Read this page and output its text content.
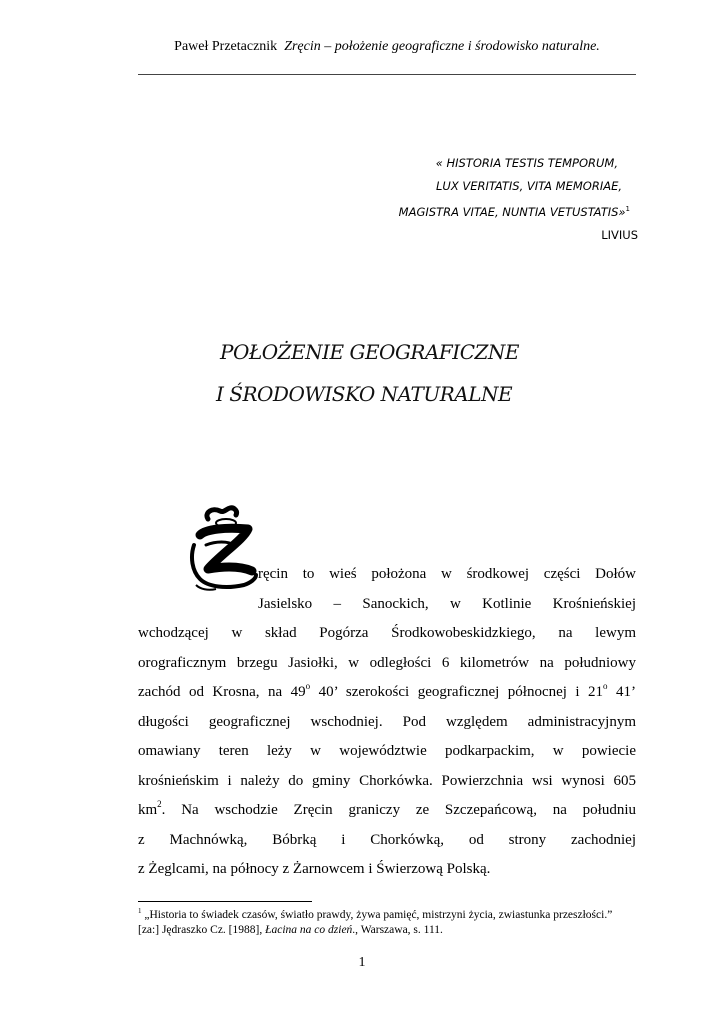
Paweł Przetacznik Zręcin – położenie geograficzne i środowisko naturalne.
« HISTORIA TESTIS TEMPORUM,
LUX VERITATIS, VITA MEMORIAE,
MAGISTRA VITAE, NUNTIA VETUSTATIS»$^1$
LIVIUS
POŁOŻENIE GEOGRAFICZNE
I ŚRODOWISKO NATURALNE
ręcin to wieś położona w środkowej części Dołów
Jasielsko – Sanockich, w Kotlinie Krośnieńskiej
wchodzącej w skład Pogórza Środkowobeskidzkiego, na lewym
orograficznym brzegu Jasiołki, w odległości 6 kilometrów na południowy
zachód od Krosna, na 49$^o$ 40’ szerokości geograficznej północnej i 21$^o$ 41’
długości geograficznej wschodniej. Pod względem administracyjnym
omawiany teren leży w województwie podkarpackim, w powiecie
krośnieńskim i należy do gminy Chorkówka. Powierzchnia wsi wynosi 605
$km^2$. Na wschodzie Zręcin graniczy ze Szczepańcową, na południu
z Machnówką, Bóbrką i Chorkówką, od strony zachodniej
z Żeglcami, na północy z Żarnowcem i Świerzową Polską.
$^1$ „Historia to świadek czasów, światło prawdy, żywa pamięć, mistrzyni życia, zwiastunka przeszłości.” [za:] Jędraszko Cz. [1988], Łacina na co dzień., Warszawa, s. 111.
1
